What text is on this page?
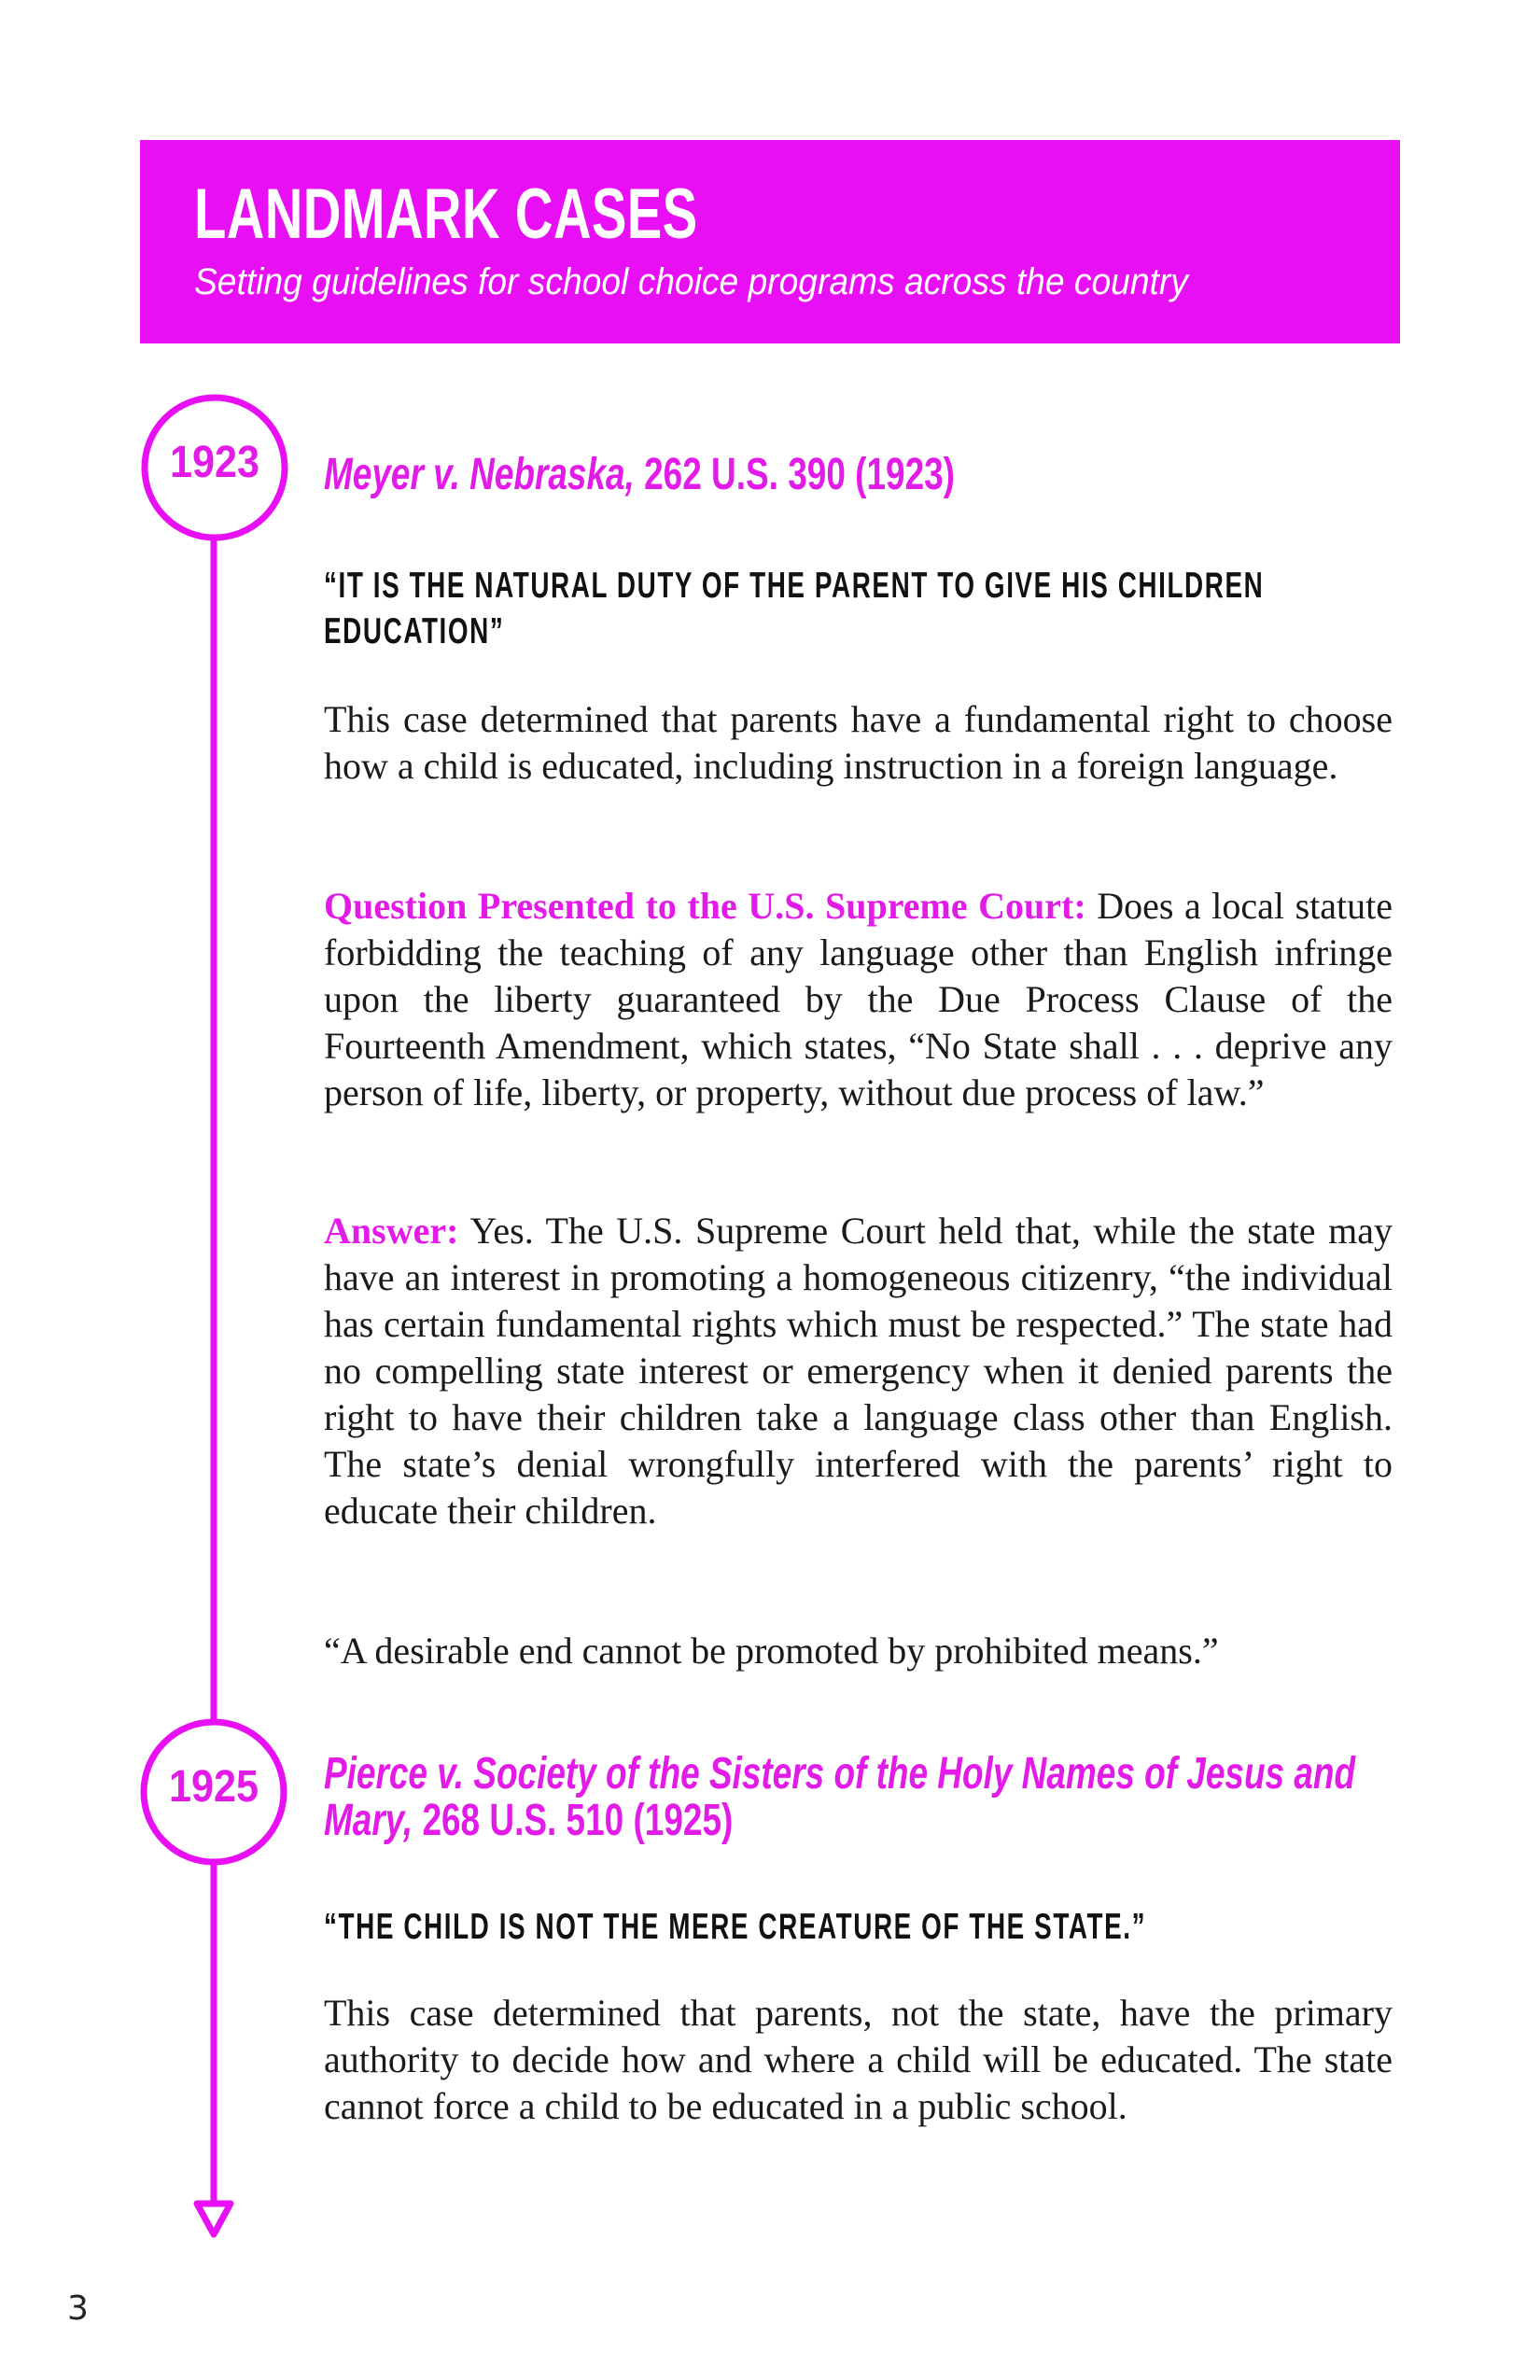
LANDMARK CASES
Setting guidelines for school choice programs across the country
1923	Meyer v. Nebraska, 262 U.S. 390 (1923)
“IT IS THE NATURAL DUTY OF THE PARENT TO GIVE HIS CHILDREN EDUCATION”

This case determined that parents have a fundamental right to choose how a child is educated, including instruction in a foreign language.

Question Presented to the U.S. Supreme Court: Does a local statute forbidding the teaching of any language other than English infringe upon the liberty guaranteed by the Due Process Clause of the Fourteenth Amendment, which states, “No State shall . . . deprive any person of life, liberty, or property, without due process of law.”

Answer: Yes. The U.S. Supreme Court held that, while the state may have an interest in promoting a homogeneous citizenry, “the individual has certain fundamental rights which must be respected.” The state had no compelling state interest or emergency when it denied parents the right to have their children take a language class other than English. The state’s denial wrongfully interfered with the parents’ right to educate their children.

“A desirable end cannot be promoted by prohibited means.”

1925	Pierce v. Society of the Sisters of the Holy Names of Jesus and Mary, 268 U.S. 510 (1925)
“THE CHILD IS NOT THE MERE CREATURE OF THE STATE.”

This case determined that parents, not the state, have the primary authority to decide how and where a child will be educated. The state cannot force a child to be educated in a public school.

3
